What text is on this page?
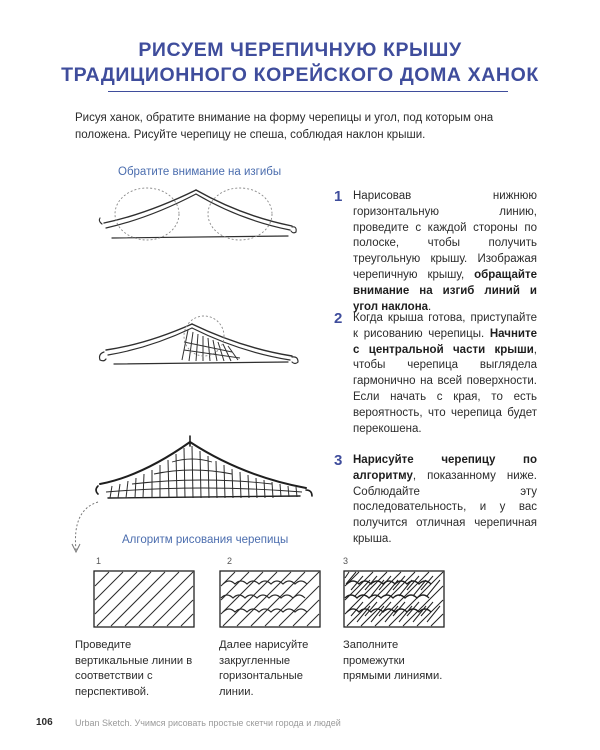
РИСУЕМ ЧЕРЕПИЧНУЮ КРЫШУ
ТРАДИЦИОННОГО КОРЕЙСКОГО ДОМА ХАНОК
Рисуя ханок, обратите внимание на форму черепицы и угол, под которым она положена. Рисуйте черепицу не спеша, соблюдая наклон крыши.
Обратите внимание на изгибы
1 Нарисовав нижнюю горизонтальную линию, проведите с каждой стороны по полоске, чтобы получить треугольную крышу. Изображая черепичную крышу, обращайте внимание на изгиб линий и угол наклона.
2 Когда крыша готова, приступайте к рисованию черепицы. Начните с центральной части крыши, чтобы черепица выглядела гармонично на всей поверхности. Если начать с края, то есть вероятность, что черепица будет перекошена.
3 Нарисуйте черепицу по алгоритму, показанному ниже. Соблюдайте эту последовательность, и у вас получится отличная черепичная крыша.
Алгоритм рисования черепицы
1	2	3
Проведите вертикальные линии в соответствии с перспективой.
Далее нарисуйте закругленные горизонтальные линии.
Заполните промежутки прямыми линиями.
106 Urban Sketch. Учимся рисовать простые скетчи города и людей
